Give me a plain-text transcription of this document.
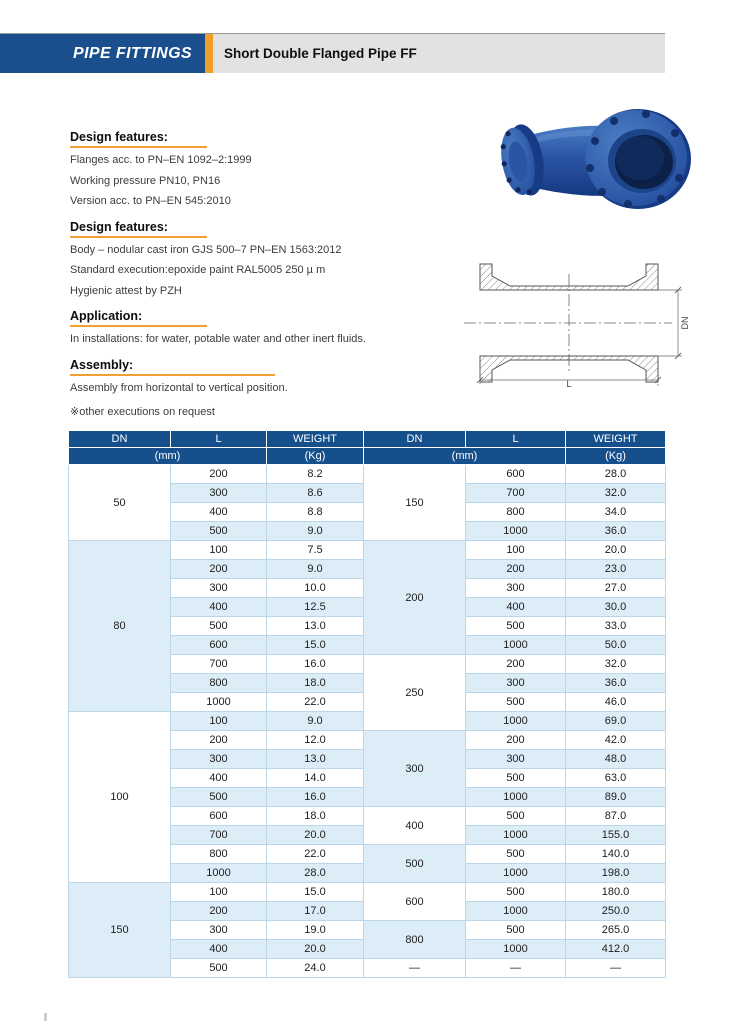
PIPE FITTINGS Short Double Flanged Pipe FF
Design features:
Flanges acc. to PN–EN 1092–2:1999
Working pressure PN10, PN16
Version acc. to PN–EN 545:2010
Design features:
Body – nodular cast iron GJS 500–7 PN–EN 1563:2012
Standard execution:epoxide paint RAL5005 250 µ m
Hygienic attest by PZH
Application:
In installations: for water, potable water and other inert fluids.
Assembly:
Assembly from horizontal to vertical position.
※other executions on request
DN
L
DN	L	WEIGHT	DN	L	WEIGHT
(mm)		(Kg)	(mm)		(Kg)
50	200	8.2	150	600	28.0
	300	8.6		700	32.0
	400	8.8		800	34.0
	500	9.0		1000	36.0
80	100	7.5	200	100	20.0
	200	9.0		200	23.0
	300	10.0		300	27.0
	400	12.5		400	30.0
	500	13.0		500	33.0
	600	15.0		1000	50.0
	700	16.0	250	200	32.0
	800	18.0		300	36.0
	1000	22.0		500	46.0
100	100	9.0		1000	69.0
	200	12.0	300	200	42.0
	300	13.0		300	48.0
	400	14.0		500	63.0
	500	16.0		1000	89.0
	600	18.0	400	500	87.0
	700	20.0		1000	155.0
	800	22.0	500	500	140.0
	1000	28.0		1000	198.0
150	100	15.0	600	500	180.0
	200	17.0		1000	250.0
	300	19.0	800	500	265.0
	400	20.0		1000	412.0
	500	24.0	—	—	—
